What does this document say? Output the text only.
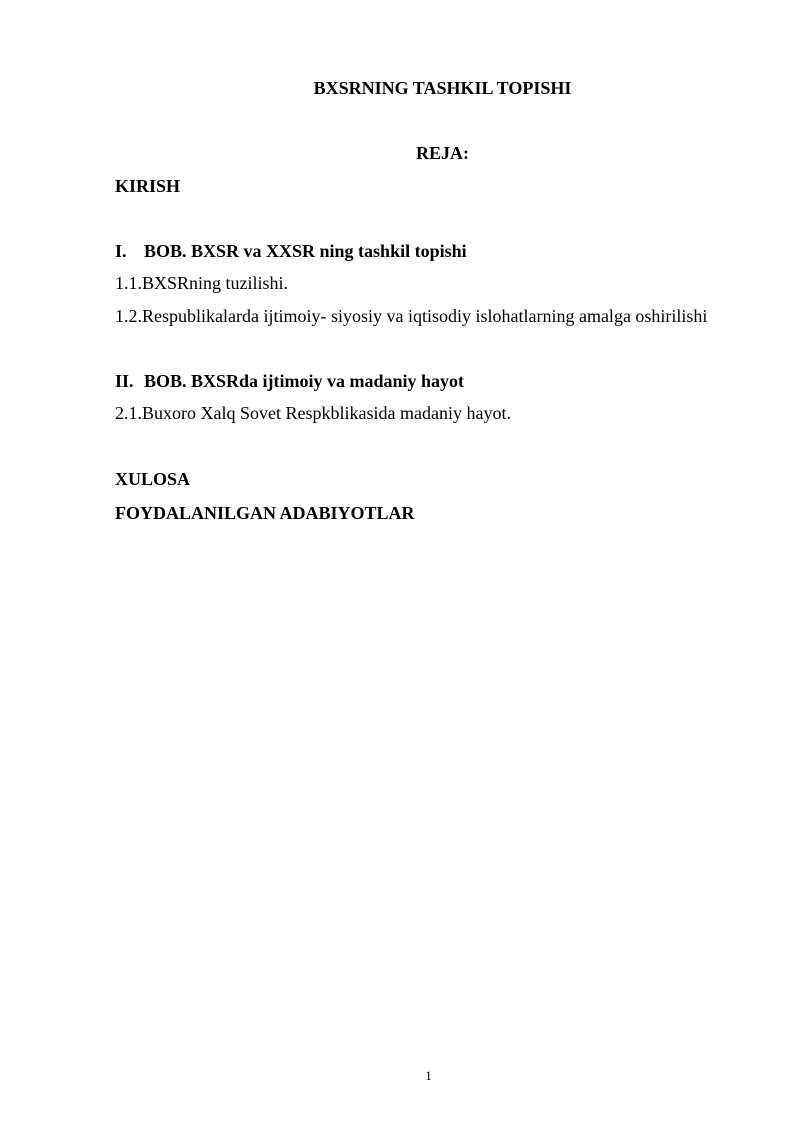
BXSRNING TASHKIL TOPISHI
REJA:
KIRISH
I. BOB. BXSR va XXSR ning tashkil topishi
1.1.BXSRning tuzilishi.
1.2.Respublikalarda ijtimoiy- siyosiy va iqtisodiy islohatlarning amalga oshirilishi
II. BOB. BXSRda ijtimoiy va madaniy hayot
2.1.Buxoro Xalq Sovet Respkblikasida madaniy hayot.
XULOSA
FOYDALANILGAN ADABIYOTLAR
1
